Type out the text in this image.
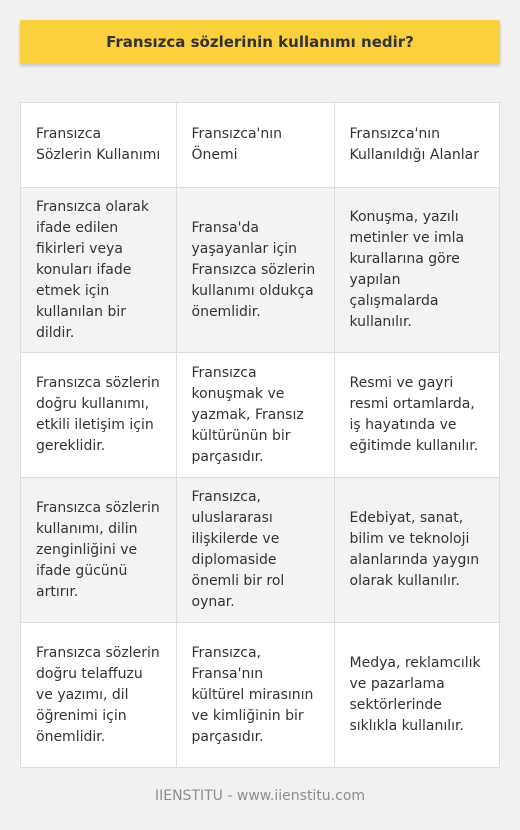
Fransızca sözlerinin kullanımı nedir?
Fransızca Sözlerin Kullanımı	Fransızca'nın Önemi	Fransızca'nın Kullanıldığı Alanlar
Fransızca olarak ifade edilen fikirleri veya konuları ifade etmek için kullanılan bir dildir.	Fransa'da yaşayanlar için Fransızca sözlerin kullanımı oldukça önemlidir.	Konuşma, yazılı metinler ve imla kurallarına göre yapılan çalışmalarda kullanılır.
Fransızca sözlerin doğru kullanımı, etkili iletişim için gereklidir.	Fransızca konuşmak ve yazmak, Fransız kültürünün bir parçasıdır.	Resmi ve gayri resmi ortamlarda, iş hayatında ve eğitimde kullanılır.
Fransızca sözlerin kullanımı, dilin zenginliğini ve ifade gücünü artırır.	Fransızca, uluslararası ilişkilerde ve diplomaside önemli bir rol oynar.	Edebiyat, sanat, bilim ve teknoloji alanlarında yaygın olarak kullanılır.
Fransızca sözlerin doğru telaffuzu ve yazımı, dil öğrenimi için önemlidir.	Fransızca, Fransa'nın kültürel mirasının ve kimliğinin bir parçasıdır.	Medya, reklamcılık ve pazarlama sektörlerinde sıklıkla kullanılır.
IIENSTITU - www.iienstitu.com
